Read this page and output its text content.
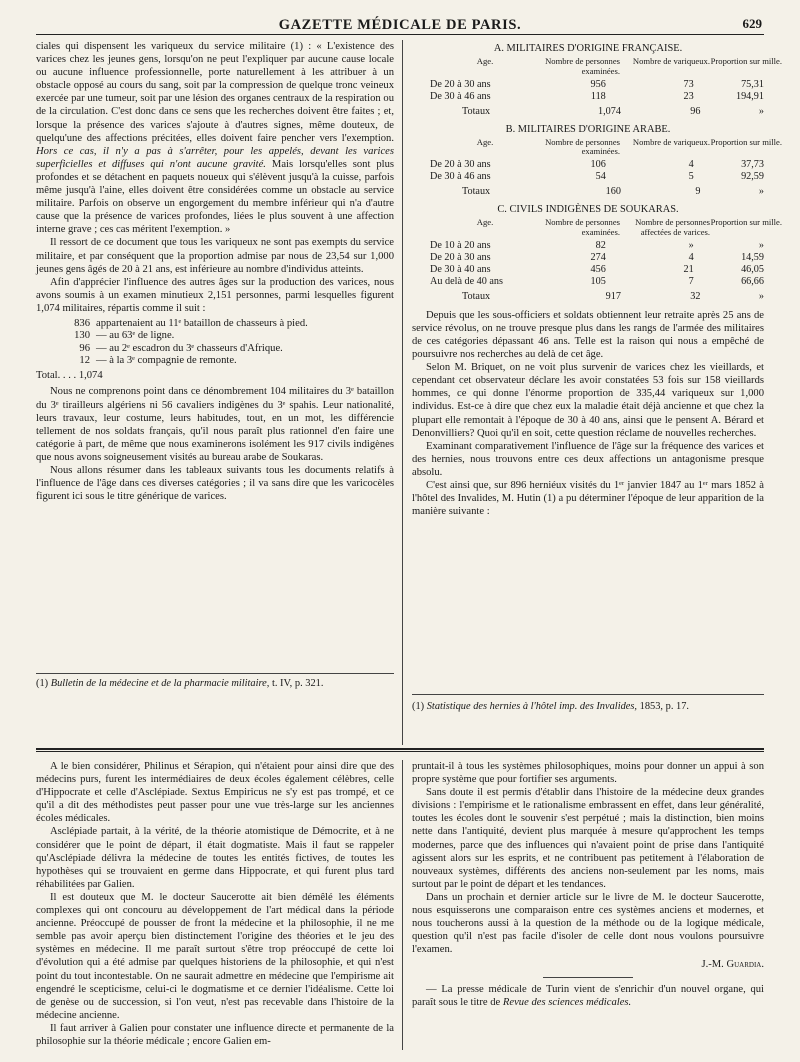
GAZETTE MÉDICALE DE PARIS.	629

ciales qui dispensent les variqueux du service militaire (1) : « L'existence des varices chez les jeunes gens, lorsqu'on ne peut l'expliquer par aucune cause locale ou aucune influence professionnelle, porte naturellement à les attribuer à un obstacle opposé au cours du sang, soit par la compression de quelque tronc veineux exercée par une tumeur, soit par une lésion des organes centraux de la respiration ou de la circulation. C'est donc dans ce sens que les recherches doivent être faites ; et, lorsque la présence des varices s'ajoute à d'autres signes, même douteux, de quelqu'une des affections précitées, elles doivent faire pencher vers l'exemption. Hors ce cas, il n'y a pas à s'arrêter, pour les appelés, devant les varices superficielles et diffuses qui n'ont aucune gravité. Mais lorsqu'elles sont plus profondes et se détachent en paquets noueux qui s'élèvent jusqu'à la cuisse, parfois même jusqu'à l'aine, elles doivent être considérées comme un obstacle au service militaire. Parfois on observe un engorgement du membre inférieur qui n'a d'autre cause que la présence de varices profondes, liées le plus souvent à une affection interne grave ; ces cas méritent l'exemption. »

Il ressort de ce document que tous les variqueux ne sont pas exempts du service militaire, et par conséquent que la proportion admise par nous de 23,54 sur 1,000 jeunes gens âgés de 20 à 21 ans, est inférieure au nombre d'individus atteints.

Afin d'apprécier l'influence des autres âges sur la production des varices, nous avons soumis à un examen minutieux 2,151 personnes, parmi lesquelles figurent 1,074 militaires, répartis comme il suit :

836 appartenaient au 11ᵉ bataillon de chasseurs à pied.
130 — au 63ᵉ de ligne.
96 — au 2ᵉ escadron du 3ᵉ chasseurs d'Afrique.
12 — à la 3ᵉ compagnie de remonte.
Total. . . .
1,074

Nous ne comprenons point dans ce dénombrement 104 militaires du 3ᵉ bataillon du 3ᵉ tirailleurs algériens ni 56 cavaliers indigènes du 3ᵉ spahis. Leur nationalité, leurs travaux, leur costume, leurs habitudes, tout, en un mot, les différencie tellement de nos soldats français, qu'il nous paraît plus rationnel d'en faire une catégorie à part, de même que nous examinerons isolément les 917 civils indigènes que nous avons soigneusement visités au bureau arabe de Soukaras.

Nous allons résumer dans les tableaux suivants tous les documents relatifs à l'influence de l'âge dans ces diverses catégories ; il va sans dire que les varicocèles figurent ici sous le titre générique de varices.

(1) Bulletin de la médecine et de la pharmacie militaire, t. IV, p. 321.
A. MILITAIRES D'ORIGINE FRANÇAISE.
Age.	Nombre de personnes examinées.
Nombre de variqueux. Proportion sur mille.
De 20 à 30 ans	956	73	75,31
De 30 à 46 ans	118	23	194,91
Totaux	1,074	96	»
B. MILITAIRES D'ORIGINE ARABE.
Age.	Nombre de personnes examinées.
Nombre de variqueux. Proportion sur mille.
De 20 à 30 ans	106	4	37,73
De 30 à 46 ans	54	5	92,59
Totaux	160	9	»
C. CIVILS INDIGÈNES DE SOUKARAS.
Age.	Nombre de personnes examinées.
Nombre de personnes affectées de varices.
Proportion sur mille.
De 10 à 20 ans	82	»	»
De 20 à 30 ans	274	4	14,59
De 30 à 40 ans	456	21	46,05
Au delà de 40 ans	105	7	66,66
Totaux	917	32	»

Depuis que les sous-officiers et soldats obtiennent leur retraite après 25 ans de service révolus, on ne trouve presque plus dans les rangs de l'armée des militaires de ces catégories dépassant 46 ans. Telle est la raison qui nous a empêché de poursuivre nos recherches au delà de cet âge.

Selon M. Briquet, on ne voit plus survenir de varices chez les vieillards, et cependant cet observateur déclare les avoir constatées 53 fois sur 158 vieillards hommes, ce qui donne l'énorme proportion de 335,44 variqueux sur 1,000 individus. Est-ce à dire que chez eux la maladie était déjà ancienne et que chez la plupart elle remontait à l'époque de 30 à 40 ans, ainsi que le pensent A. Bérard et Denonvilliers? Quoi qu'il en soit, cette question réclame de nouvelles recherches.

Examinant comparativement l'influence de l'âge sur la fréquence des varices et des hernies, nous trouvons entre ces deux affections un antagonisme presque absolu.

C'est ainsi que, sur 896 herniéux visités du 1ᵉʳ janvier 1847 au 1ᵉʳ mars 1852 à l'hôtel des Invalides, M. Hutin (1) a pu déterminer l'époque de leur apparition de la manière suivante :

(1) Statistique des hernies à l'hôtel imp. des Invalides, 1853, p. 17.

A le bien considérer, Philinus et Sérapion, qui n'étaient pour ainsi dire que des médecins purs, furent les intermédiaires de deux écoles également célèbres, celle d'Hippocrate et celle d'Asclépiade. Sextus Empiricus ne s'y est pas trompé, et ce qu'il a dit des méthodistes peut passer pour une vue très-large sur les anciennes écoles médicales.

Asclépiade partait, à la vérité, de la théorie atomistique de Démocrite, et à ne considérer que le point de départ, il était dogmatiste. Mais il faut se rappeler qu'Asclépiade délivra la médecine de toutes les entités fictives, de toutes les hypothèses qui se trouvaient en germe dans Hippocrate, et qui furent plus tard réhabilitées par Galien.

Il est douteux que M. le docteur Saucerotte ait bien démêlé les éléments complexes qui ont concouru au développement de l'art médical dans la période ancienne. Préoccupé de pousser de front la médecine et la philosophie, il ne me semble pas avoir aperçu bien distinctement l'origine des théories et le jeu des systèmes en médecine. Il me paraît surtout s'être trop préoccupé de cette loi d'évolution qui a été admise par quelques historiens de la philosophie, et qui n'est point du tout incontestable. On ne saurait admettre en médecine que l'empirisme ait engendré le scepticisme, celui-ci le dogmatisme et ce dernier l'idéalisme. Cette loi de genèse ou de succession, si l'on veut, n'est pas recevable dans l'histoire de la médecine ancienne.

Il faut arriver à Galien pour constater une influence directe et permanente de la philosophie sur la théorie médicale ; encore Galien em-

pruntait-il à tous les systèmes philosophiques, moins pour donner un appui à son propre système que pour fortifier ses arguments.

Sans doute il est permis d'établir dans l'histoire de la médecine deux grandes divisions : l'empirisme et le rationalisme embrassent en effet, dans leur généralité, toutes les écoles dont le souvenir s'est perpétué ; mais la distinction, bien moins nette dans l'antiquité, devient plus marquée à mesure qu'approchent les temps modernes, parce que des influences qui n'avaient point de prise dans l'antiquité agissent alors sur les esprits, et ne contribuent pas petitement à l'élaboration de nouveaux systèmes, différents des anciens non-seulement par les noms, mais surtout par le point de départ et les tendances.

Dans un prochain et dernier article sur le livre de M. le docteur Saucerotte, nous esquisserons une comparaison entre ces systèmes anciens et modernes, et nous toucherons aussi à la question de la méthode ou de la logique médicale, question qu'il n'est pas facile d'isoler de celle dont nous voulons poursuivre l'examen.

J.-M. Guardia.

— La presse médicale de Turin vient de s'enrichir d'un nouvel organe, qui paraît sous le titre de Revue des sciences médicales.
